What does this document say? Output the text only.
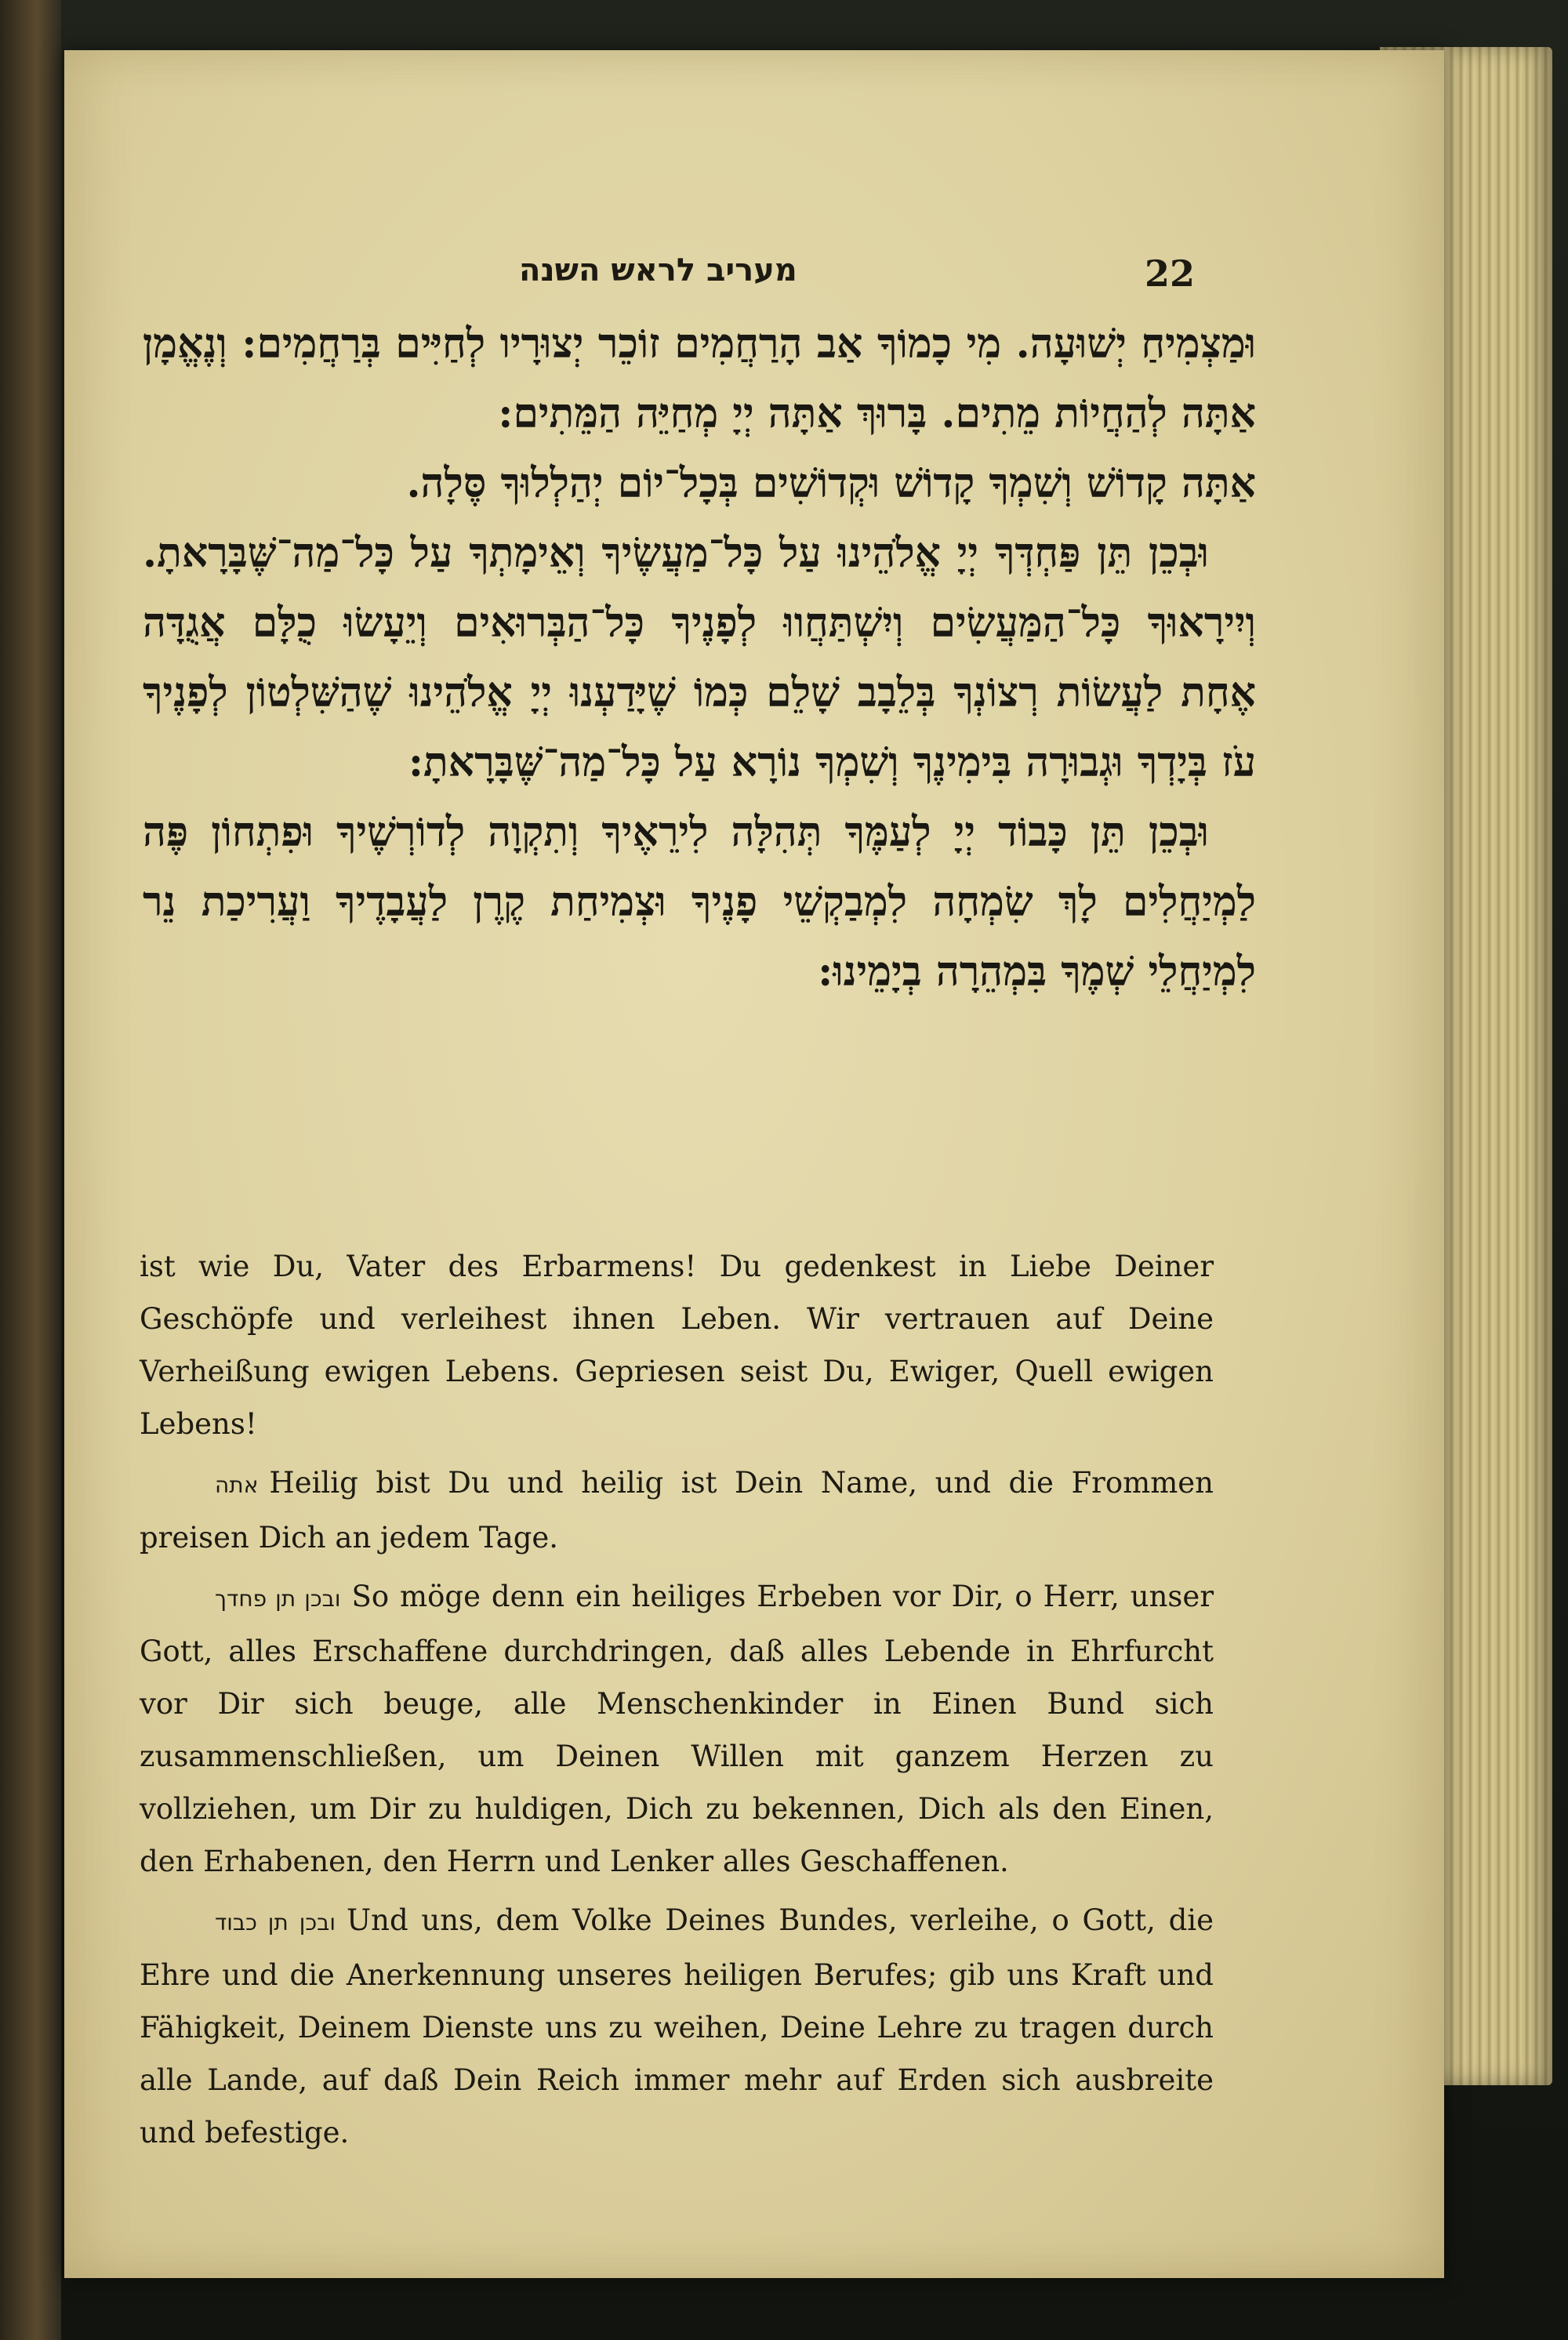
מעריב לראש השנה	22

וּמַצְמִיחַ יְשׁוּעָה. מִי כָמוֹךָ אַב הָרַחֲמִים זוֹכֵר יְצוּרָיו לְחַיִּים בְּרַחֲמִים: וְנֶאֱמָן אַתָּה לְהַחֲיוֹת מֵתִים. בָּרוּךְ אַתָּה יְיָ מְחַיֵּה הַמֵּתִים:

אַתָּה קָדוֹשׁ וְשִׁמְךָ קָדוֹשׁ וּקְדוֹשִׁים בְּכָל־יוֹם יְהַלְלוּךָ סֶּלָה.

וּבְכֵן תֵּן פַּחְדְּךָ יְיָ אֱלֹהֵינוּ עַל כָּל־מַעֲשֶׂיךָ וְאֵימָתְךָ עַל כָּל־מַה־שֶּׁבָּרָאתָ. וְיִירָאוּךָ כָּל־הַמַּעֲשִׂים וְיִשְׁתַּחֲווּ לְפָנֶיךָ כָּל־הַבְּרוּאִים וְיֵעָשׂוּ כֻלָּם אֲגֻדָּה אֶחָת לַעֲשׂוֹת רְצוֹנְךָ בְּלֵבָב שָׁלֵם כְּמוֹ שֶׁיָּדַעְנוּ יְיָ אֱלֹהֵינוּ שֶׁהַשִּׁלְטוֹן לְפָנֶיךָ עֹז בְּיָדְךָ וּגְבוּרָה בִּימִינֶךָ וְשִׁמְךָ נוֹרָא עַל כָּל־מַה־שֶּׁבָּרָאתָ:

וּבְכֵן תֵּן כָּבוֹד יְיָ לְעַמֶּךָ תְּהִלָּה לִירֵאֶיךָ וְתִקְוָה לְדוֹרְשֶׁיךָ וּפִתְחוֹן פֶּה לַמְיַחֲלִים לָךְ שִׂמְחָה לִמְבַקְשֵׁי פָנֶיךָ וּצְמִיחַת קֶרֶן לַעֲבָדֶיךָ וַעֲרִיכַת נֵר לִמְיַחֲלֵי שְׁמֶךָ בִּמְהֵרָה בְיָמֵינוּ:

ist wie Du, Vater des Erbarmens! Du gedenkest in Liebe Deiner Geschöpfe und verleihest ihnen Leben. Wir vertrauen auf Deine Verheißung ewigen Lebens. Gepriesen seist Du, Ewiger, Quell ewigen Lebens!

אתה Heilig bist Du und heilig ist Dein Name, und die Frommen preisen Dich an jedem Tage.

ובכן תן פחדך So möge denn ein heiliges Erbeben vor Dir, o Herr, unser Gott, alles Erschaffene durchdringen, daß alles Lebende in Ehrfurcht vor Dir sich beuge, alle Menschenkinder in Einen Bund sich zusammenschließen, um Deinen Willen mit ganzem Herzen zu vollziehen, um Dir zu huldigen, Dich zu bekennen, Dich als den Einen, den Erhabenen, den Herrn und Lenker alles Geschaffenen.

ובכן תן כבוד Und uns, dem Volke Deines Bundes, verleihe, o Gott, die Ehre und die Anerkennung unseres heiligen Berufes; gib uns Kraft und Fähigkeit, Deinem Dienste uns zu weihen, Deine Lehre zu tragen durch alle Lande, auf daß Dein Reich immer mehr auf Erden sich ausbreite und befestige.
